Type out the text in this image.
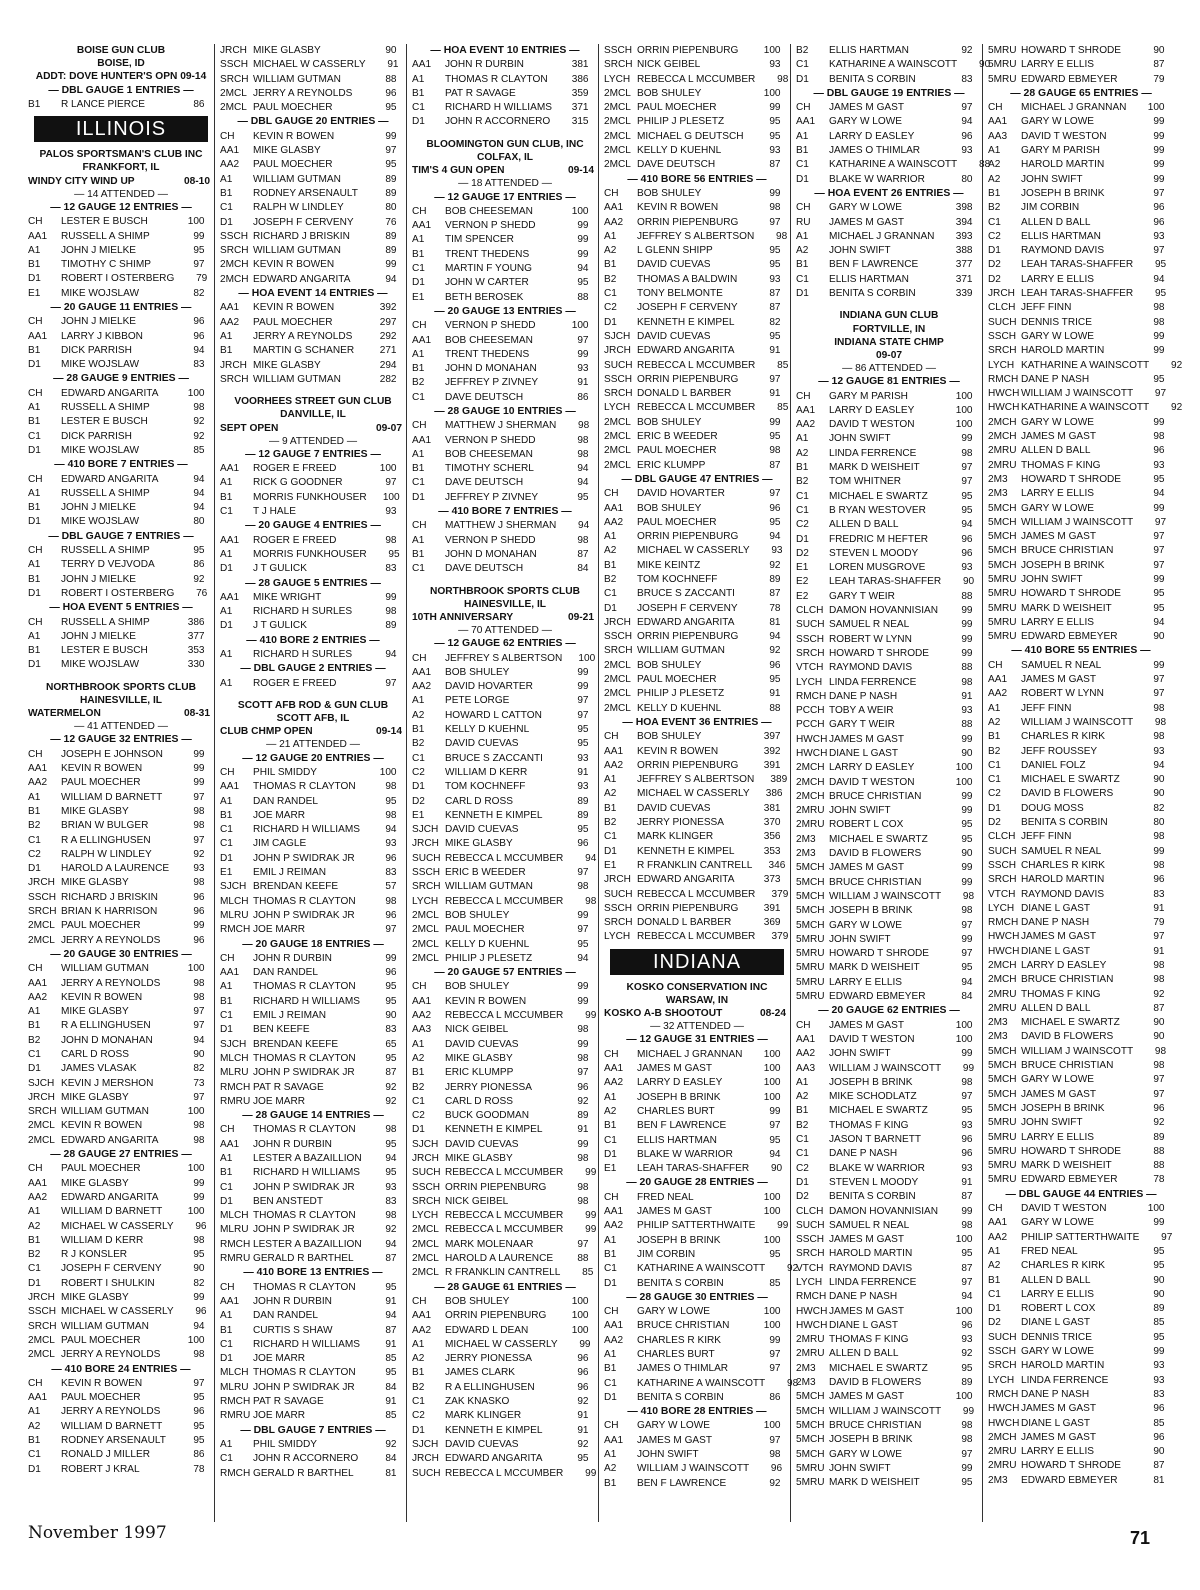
BOISE GUN CLUB
BOISE, ID
ADDT: DOVE HUNTER'S OPN 09-14
— DBL GAUGE 1 ENTRIES —
B1	R LANCE PIERCE	86
ILLINOIS
PALOS SPORTSMAN'S CLUB INC
FRANKFORT, IL
WINDY CITY WIND UP	08-10
— 14 ATTENDED —
— 12 GAUGE 12 ENTRIES —
CH	LESTER E BUSCH	100
AA1	RUSSELL A SHIMP	99
A1	JOHN J MIELKE	95
B1	TIMOTHY C SHIMP	97
D1	ROBERT I OSTERBERG	79
E1	MIKE WOJSLAW	82
— 20 GAUGE 11 ENTRIES —
CH	JOHN J MIELKE	96
AA1	LARRY J KIBBON	96
B1	DICK PARRISH	94
D1	MIKE WOJSLAW	83
— 28 GAUGE 9 ENTRIES —
CH	EDWARD ANGARITA	100
A1	RUSSELL A SHIMP	98
B1	LESTER E BUSCH	92
C1	DICK PARRISH	92
D1	MIKE WOJSLAW	85
— 410 BORE 7 ENTRIES —
CH	EDWARD ANGARITA	94
A1	RUSSELL A SHIMP	94
B1	JOHN J MIELKE	94
D1	MIKE WOJSLAW	80
— DBL GAUGE 7 ENTRIES —
CH	RUSSELL A SHIMP	95
A1	TERRY D VEJVODA	86
B1	JOHN J MIELKE	92
D1	ROBERT I OSTERBERG	76
— HOA EVENT 5 ENTRIES —
CH	RUSSELL A SHIMP	386
A1	JOHN J MIELKE	377
B1	LESTER E BUSCH	353
D1	MIKE WOJSLAW	330
NORTHBROOK SPORTS CLUB
HAINESVILLE, IL
WATERMELON	08-31
— 41 ATTENDED —
— 12 GAUGE 32 ENTRIES —
CH	JOSEPH E JOHNSON	99
AA1	KEVIN R BOWEN	99
AA2	PAUL MOECHER	99
A1	WILLIAM D BARNETT	97
B1	MIKE GLASBY	98
B2	BRIAN W BULGER	98
C1	R A ELLINGHUSEN	97
C2	RALPH W LINDLEY	92
D1	HAROLD A LAURENCE	93
JRCH MIKE GLASBY	98
SSCH RICHARD J BRISKIN	96
SRCH BRIAN K HARRISON	96
2MCL PAUL MOECHER	99
2MCL JERRY A REYNOLDS	96
— 20 GAUGE 30 ENTRIES —
CH	WILLIAM GUTMAN	100
AA1	JERRY A REYNOLDS	98
AA2	KEVIN R BOWEN	98
A1	MIKE GLASBY	97
B1	R A ELLINGHUSEN	97
B2	JOHN D MONAHAN	94
C1	CARL D ROSS	90
D1	JAMES VLASAK	82
SJCH KEVIN J MERSHON	73
JRCH MIKE GLASBY	97
SRCH WILLIAM GUTMAN	100
2MCL KEVIN R BOWEN	98
2MCL EDWARD ANGARITA	98
— 28 GAUGE 27 ENTRIES —
CH	PAUL MOECHER	100
AA1	MIKE GLASBY	99
AA2	EDWARD ANGARITA	99
A1	WILLIAM D BARNETT	100
A2	MICHAEL W CASSERLY	96
B1	WILLIAM D KERR	98
B2	R J KONSLER	95
C1	JOSEPH F CERVENY	90
D1	ROBERT I SHULKIN	82
JRCH MIKE GLASBY	99
SSCH MICHAEL W CASSERLY	96
SRCH WILLIAM GUTMAN	94
2MCL PAUL MOECHER	100
2MCL JERRY A REYNOLDS	98
— 410 BORE 24 ENTRIES —
CH	KEVIN R BOWEN	97
AA1	PAUL MOECHER	95
A1	JERRY A REYNOLDS	96
A2	WILLIAM D BARNETT	95
B1	RODNEY ARSENAULT	95
C1	RONALD J MILLER	86
D1	ROBERT J KRAL	78
JRCH MIKE GLASBY	90
SSCH MICHAEL W CASSERLY	91
SRCH WILLIAM GUTMAN	88
2MCL JERRY A REYNOLDS	96
2MCL PAUL MOECHER	95
— DBL GAUGE 20 ENTRIES —
CH	KEVIN R BOWEN	99
AA1	MIKE GLASBY	97
AA2	PAUL MOECHER	95
A1	WILLIAM GUTMAN	89
B1	RODNEY ARSENAULT	89
C1	RALPH W LINDLEY	80
D1	JOSEPH F CERVENY	76
SSCH RICHARD J BRISKIN	89
SRCH WILLIAM GUTMAN	89
2MCH KEVIN R BOWEN	99
2MCH EDWARD ANGARITA	94
— HOA EVENT 14 ENTRIES —
AA1	KEVIN R BOWEN	392
AA2	PAUL MOECHER	297
A1	JERRY A REYNOLDS	292
B1	MARTIN G SCHANER	271
JRCH MIKE GLASBY	294
SRCH WILLIAM GUTMAN	282
VOORHEES STREET GUN CLUB
DANVILLE, IL
SEPT OPEN	09-07
— 9 ATTENDED —
— 12 GAUGE 7 ENTRIES —
AA1	ROGER E FREED	100
A1	RICK G GOODNER	97
B1	MORRIS FUNKHOUSER	100
C1	T J HALE	93
— 20 GAUGE 4 ENTRIES —
AA1	ROGER E FREED	98
A1	MORRIS FUNKHOUSER	95
D1	J T GULICK	83
— 28 GAUGE 5 ENTRIES —
AA1	MIKE WRIGHT	99
A1	RICHARD H SURLES	98
D1	J T GULICK	89
— 410 BORE 2 ENTRIES —
A1	RICHARD H SURLES	94
— DBL GAUGE 2 ENTRIES —
A1	ROGER E FREED	97
SCOTT AFB ROD & GUN CLUB
SCOTT AFB, IL
CLUB CHMP OPEN	09-14
— 21 ATTENDED —
— 12 GAUGE 20 ENTRIES —
CH	PHIL SMIDDY	100
AA1	THOMAS R CLAYTON	98
A1	DAN RANDEL	95
B1	JOE MARR	98
C1	RICHARD H WILLIAMS	94
C1	JIM CAGLE	93
D1	JOHN P SWIDRAK JR	96
E1	EMIL J REIMAN	83
SJCH BRENDAN KEEFE	57
MLCH THOMAS R CLAYTON	98
MLRU JOHN P SWIDRAK JR	96
RMCH JOE MARR	97
— 20 GAUGE 18 ENTRIES —
CH	JOHN R DURBIN	99
AA1	DAN RANDEL	96
A1	THOMAS R CLAYTON	95
B1	RICHARD H WILLIAMS	95
C1	EMIL J REIMAN	90
D1	BEN KEEFE	83
SJCH BRENDAN KEEFE	65
MLCH THOMAS R CLAYTON	95
MLRU JOHN P SWIDRAK JR	87
RMCH PAT R SAVAGE	92
RMRU JOE MARR	92
— 28 GAUGE 14 ENTRIES —
CH	THOMAS R CLAYTON	98
AA1	JOHN R DURBIN	95
A1	LESTER A BAZAILLION	94
B1	RICHARD H WILLIAMS	95
C1	JOHN P SWIDRAK JR	93
D1	BEN ANSTEDT	83
MLCH THOMAS R CLAYTON	98
MLRU JOHN P SWIDRAK JR	92
RMCH LESTER A BAZAILLION	94
RMRU GERALD R BARTHEL	87
— 410 BORE 13 ENTRIES —
CH	THOMAS R CLAYTON	95
AA1	JOHN R DURBIN	91
A1	DAN RANDEL	94
B1	CURTIS S SHAW	87
C1	RICHARD H WILLIAMS	91
D1	JOE MARR	85
MLCH THOMAS R CLAYTON	95
MLRU JOHN P SWIDRAK JR	84
RMCH PAT R SAVAGE	91
RMRU JOE MARR	85
— DBL GAUGE 7 ENTRIES —
A1	PHIL SMIDDY	92
C1	JOHN R ACCORNERO	84
RMCH GERALD R BARTHEL	81
— HOA EVENT 10 ENTRIES —
AA1	JOHN R DURBIN	381
A1	THOMAS R CLAYTON	386
B1	PAT R SAVAGE	359
C1	RICHARD H WILLIAMS	371
D1	JOHN R ACCORNERO	315
BLOOMINGTON GUN CLUB, INC
COLFAX, IL
TIM'S 4 GUN OPEN	09-14
— 18 ATTENDED —
— 12 GAUGE 17 ENTRIES —
CH	BOB CHEESEMAN	100
AA1	VERNON P SHEDD	99
A1	TIM SPENCER	99
B1	TRENT THEDENS	99
C1	MARTIN F YOUNG	94
D1	JOHN W CARTER	95
E1	BETH BEROSEK	88
— 20 GAUGE 13 ENTRIES —
CH	VERNON P SHEDD	100
AA1	BOB CHEESEMAN	97
A1	TRENT THEDENS	99
B1	JOHN D MONAHAN	93
B2	JEFFREY P ZIVNEY	91
C1	DAVE DEUTSCH	86
— 28 GAUGE 10 ENTRIES —
CH	MATTHEW J SHERMAN	98
AA1	VERNON P SHEDD	98
A1	BOB CHEESEMAN	98
B1	TIMOTHY SCHERL	94
C1	DAVE DEUTSCH	94
D1	JEFFREY P ZIVNEY	95
— 410 BORE 7 ENTRIES —
CH	MATTHEW J SHERMAN	94
A1	VERNON P SHEDD	98
B1	JOHN D MONAHAN	87
C1	DAVE DEUTSCH	84
NORTHBROOK SPORTS CLUB
HAINESVILLE, IL
10TH ANNIVERSARY	09-21
— 70 ATTENDED —
— 12 GAUGE 62 ENTRIES —
CH	JEFFREY S ALBERTSON	100
AA1	BOB SHULEY	99
AA2	DAVID HOVARTER	99
A1	PETE LORGE	97
A2	HOWARD L CATTON	97
B1	KELLY D KUEHNL	95
B2	DAVID CUEVAS	95
C1	BRUCE S ZACCANTI	93
C2	WILLIAM D KERR	91
D1	TOM KOCHNEFF	93
D2	CARL D ROSS	89
E1	KENNETH E KIMPEL	89
SJCH DAVID CUEVAS	95
JRCH MIKE GLASBY	96
SUCH REBECCA L MCCUMBER	94
SSCH ERIC B WEEDER	97
SRCH WILLIAM GUTMAN	98
LYCH REBECCA L MCCUMBER	98
2MCL BOB SHULEY	99
2MCL PAUL MOECHER	97
2MCL KELLY D KUEHNL	95
2MCL PHILIP J PLESETZ	94
— 20 GAUGE 57 ENTRIES —
CH	BOB SHULEY	99
AA1	KEVIN R BOWEN	99
AA2	REBECCA L MCCUMBER	99
AA3	NICK GEIBEL	98
A1	DAVID CUEVAS	99
A2	MIKE GLASBY	98
B1	ERIC KLUMPP	97
B2	JERRY PIONESSA	96
C1	CARL D ROSS	92
C2	BUCK GOODMAN	89
D1	KENNETH E KIMPEL	91
SJCH DAVID CUEVAS	99
JRCH MIKE GLASBY	98
SUCH REBECCA L MCCUMBER	99
SSCH ORRIN PIEPENBURG	98
SRCH NICK GEIBEL	98
LYCH REBECCA L MCCUMBER	99
2MCL REBECCA L MCCUMBER	99
2MCL MARK MOLENAAR	97
2MCL HAROLD A LAURENCE	88
2MCL R FRANKLIN CANTRELL	85
— 28 GAUGE 61 ENTRIES —
CH	BOB SHULEY	100
AA1	ORRIN PIEPENBURG	100
AA2	EDWARD L DEAN	100
A1	MICHAEL W CASSERLY	99
A2	JERRY PIONESSA	96
B1	JAMES CLARK	96
B2	R A ELLINGHUSEN	96
C1	ZAK KNASKO	92
C2	MARK KLINGER	91
D1	KENNETH E KIMPEL	91
SJCH DAVID CUEVAS	92
JRCH EDWARD ANGARITA	95
SUCH REBECCA L MCCUMBER	99
SSCH ORRIN PIEPENBURG	100
SRCH NICK GEIBEL	93
LYCH REBECCA L MCCUMBER	98
2MCL BOB SHULEY	100
2MCL PAUL MOECHER	99
2MCL PHILIP J PLESETZ	95
2MCL MICHAEL G DEUTSCH	95
2MCL KELLY D KUEHNL	93
2MCL DAVE DEUTSCH	87
— 410 BORE 56 ENTRIES —
CH	BOB SHULEY	99
AA1	KEVIN R BOWEN	98
AA2	ORRIN PIEPENBURG	97
A1	JEFFREY S ALBERTSON	98
A2	L GLENN SHIPP	95
B1	DAVID CUEVAS	95
B2	THOMAS A BALDWIN	93
C1	TONY BELMONTE	87
C2	JOSEPH F CERVENY	87
D1	KENNETH E KIMPEL	82
SJCH DAVID CUEVAS	95
JRCH EDWARD ANGARITA	91
SUCH REBECCA L MCCUMBER	85
SSCH ORRIN PIEPENBURG	97
SRCH DONALD L BARBER	91
LYCH REBECCA L MCCUMBER	85
2MCL BOB SHULEY	99
2MCL ERIC B WEEDER	95
2MCL PAUL MOECHER	98
2MCL ERIC KLUMPP	87
— DBL GAUGE 47 ENTRIES —
CH	DAVID HOVARTER	97
AA1	BOB SHULEY	96
AA2	PAUL MOECHER	95
A1	ORRIN PIEPENBURG	94
A2	MICHAEL W CASSERLY	93
B1	MIKE KEINTZ	92
B2	TOM KOCHNEFF	89
C1	BRUCE S ZACCANTI	87
D1	JOSEPH F CERVENY	78
JRCH EDWARD ANGARITA	81
SSCH ORRIN PIEPENBURG	94
SRCH WILLIAM GUTMAN	92
2MCL BOB SHULEY	96
2MCL PAUL MOECHER	95
2MCL PHILIP J PLESETZ	91
2MCL KELLY D KUEHNL	88
— HOA EVENT 36 ENTRIES —
CH	BOB SHULEY	397
AA1	KEVIN R BOWEN	392
AA2	ORRIN PIEPENBURG	391
A1	JEFFREY S ALBERTSON	389
A2	MICHAEL W CASSERLY	386
B1	DAVID CUEVAS	381
B2	JERRY PIONESSA	370
C1	MARK KLINGER	356
D1	KENNETH E KIMPEL	353
E1	R FRANKLIN CANTRELL	346
JRCH EDWARD ANGARITA	373
SUCH REBECCA L MCCUMBER	379
SSCH ORRIN PIEPENBURG	391
SRCH DONALD L BARBER	369
LYCH REBECCA L MCCUMBER	379
INDIANA
KOSKO CONSERVATION INC
WARSAW, IN
KOSKO A-B SHOOTOUT	08-24
— 32 ATTENDED —
— 12 GAUGE 31 ENTRIES —
CH	MICHAEL J GRANNAN	100
AA1	JAMES M GAST	100
AA2	LARRY D EASLEY	100
A1	JOSEPH B BRINK	100
A2	CHARLES BURT	99
B1	BEN F LAWRENCE	97
C1	ELLIS HARTMAN	95
D1	BLAKE W WARRIOR	94
E1	LEAH TARAS-SHAFFER	90
— 20 GAUGE 28 ENTRIES —
CH	FRED NEAL	100
AA1	JAMES M GAST	100
AA2	PHILIP SATTERTHWAITE	99
A1	JOSEPH B BRINK	100
B1	JIM CORBIN	95
C1	KATHARINE A WAINSCOTT	92
D1	BENITA S CORBIN	85
— 28 GAUGE 30 ENTRIES —
CH	GARY W LOWE	100
AA1	BRUCE CHRISTIAN	100
AA2	CHARLES R KIRK	99
A1	CHARLES BURT	97
B1	JAMES O THIMLAR	97
C1	KATHARINE A WAINSCOTT	98
D1	BENITA S CORBIN	86
— 410 BORE 28 ENTRIES —
CH	GARY W LOWE	100
AA1	JAMES M GAST	97
A1	JOHN SWIFT	98
A2	WILLIAM J WAINSCOTT	96
B1	BEN F LAWRENCE	92
B2	ELLIS HARTMAN	92
C1	KATHARINE A WAINSCOTT	90
D1	BENITA S CORBIN	83
— DBL GAUGE 19 ENTRIES —
CH	JAMES M GAST	97
AA1	GARY W LOWE	94
A1	LARRY D EASLEY	96
B1	JAMES O THIMLAR	93
C1	KATHARINE A WAINSCOTT	88
D1	BLAKE W WARRIOR	80
— HOA EVENT 26 ENTRIES —
CH	GARY W LOWE	398
RU	JAMES M GAST	394
A1	MICHAEL J GRANNAN	393
A2	JOHN SWIFT	388
B1	BEN F LAWRENCE	377
C1	ELLIS HARTMAN	371
D1	BENITA S CORBIN	339
INDIANA GUN CLUB
FORTVILLE, IN
INDIANA STATE CHMP
09-07
— 86 ATTENDED —
— 12 GAUGE 81 ENTRIES —
CH	GARY M PARISH	100
AA1	LARRY D EASLEY	100
AA2	DAVID T WESTON	100
A1	JOHN SWIFT	99
A2	LINDA FERRENCE	98
B1	MARK D WEISHEIT	97
B2	TOM WHITNER	97
C1	MICHAEL E SWARTZ	95
C1	B RYAN WESTOVER	95
C2	ALLEN D BALL	94
D1	FREDRIC M HEFTER	96
D2	STEVEN L MOODY	96
E1	LOREN MUSGROVE	93
E2	LEAH TARAS-SHAFFER	90
E2	GARY T WEIR	88
CLCH DAMON HOVANNISIAN	99
SUCH SAMUEL R NEAL	99
SSCH ROBERT W LYNN	99
SRCH HOWARD T SHRODE	99
VTCH RAYMOND DAVIS	88
LYCH LINDA FERRENCE	98
RMCH DANE P NASH	91
PCCH TOBY A WEIR	93
PCCH GARY T WEIR	88
HWCH JAMES M GAST	99
HWCH DIANE L GAST	90
2MCH LARRY D EASLEY	100
2MCH DAVID T WESTON	100
2MCH BRUCE CHRISTIAN	99
2MRU JOHN SWIFT	99
2MRU ROBERT L COX	95
2M3	MICHAEL E SWARTZ	95
2M3	DAVID B FLOWERS	90
5MCH JAMES M GAST	99
5MCH BRUCE CHRISTIAN	99
5MCH WILLIAM J WAINSCOTT	98
5MCH JOSEPH B BRINK	98
5MCH GARY W LOWE	97
5MRU JOHN SWIFT	99
5MRU HOWARD T SHRODE	97
5MRU MARK D WEISHEIT	95
5MRU LARRY E ELLIS	94
5MRU EDWARD EBMEYER	84
— 20 GAUGE 62 ENTRIES —
CH	JAMES M GAST	100
AA1	DAVID T WESTON	100
AA2	JOHN SWIFT	99
AA3	WILLIAM J WAINSCOTT	99
A1	JOSEPH B BRINK	98
A2	MIKE SCHODLATZ	97
B1	MICHAEL E SWARTZ	95
B2	THOMAS F KING	93
C1	JASON T BARNETT	96
C1	DANE P NASH	96
C2	BLAKE W WARRIOR	93
D1	STEVEN L MOODY	91
D2	BENITA S CORBIN	87
CLCH DAMON HOVANNISIAN	99
SUCH SAMUEL R NEAL	98
SSCH JAMES M GAST	100
SRCH HAROLD MARTIN	95
VTCH RAYMOND DAVIS	87
LYCH LINDA FERRENCE	97
RMCH DANE P NASH	94
HWCH JAMES M GAST	100
HWCH DIANE L GAST	96
2MRU THOMAS F KING	93
2MRU ALLEN D BALL	92
2M3	MICHAEL E SWARTZ	95
2M3	DAVID B FLOWERS	89
5MCH JAMES M GAST	100
5MCH WILLIAM J WAINSCOTT	99
5MCH BRUCE CHRISTIAN	98
5MCH JOSEPH B BRINK	98
5MCH GARY W LOWE	97
5MRU JOHN SWIFT	99
5MRU MARK D WEISHEIT	95
5MRU HOWARD T SHRODE	90
5MRU LARRY E ELLIS	87
5MRU EDWARD EBMEYER	79
— 28 GAUGE 65 ENTRIES —
CH	MICHAEL J GRANNAN	100
AA1	GARY W LOWE	99
AA3	DAVID T WESTON	99
A1	GARY M PARISH	99
A2	HAROLD MARTIN	99
A2	JOHN SWIFT	99
B1	JOSEPH B BRINK	97
B2	JIM CORBIN	96
C1	ALLEN D BALL	96
C2	ELLIS HARTMAN	93
D1	RAYMOND DAVIS	97
D2	LEAH TARAS-SHAFFER	95
D2	LARRY E ELLIS	94
JRCH LEAH TARAS-SHAFFER	95
CLCH JEFF FINN	98
SUCH DENNIS TRICE	98
SSCH GARY W LOWE	99
SRCH HAROLD MARTIN	99
LYCH KATHARINE A WAINSCOTT	92
RMCH DANE P NASH	95
HWCH WILLIAM J WAINSCOTT	97
HWCH KATHARINE A WAINSCOTT	92
2MCH GARY W LOWE	99
2MCH JAMES M GAST	98
2MRU ALLEN D BALL	96
2MRU THOMAS F KING	93
2M3	HOWARD T SHRODE	95
2M3	LARRY E ELLIS	94
5MCH GARY W LOWE	99
5MCH WILLIAM J WAINSCOTT	97
5MCH JAMES M GAST	97
5MCH BRUCE CHRISTIAN	97
5MCH JOSEPH B BRINK	97
5MRU JOHN SWIFT	99
5MRU HOWARD T SHRODE	95
5MRU MARK D WEISHEIT	95
5MRU LARRY E ELLIS	94
5MRU EDWARD EBMEYER	90
— 410 BORE 55 ENTRIES —
CH	SAMUEL R NEAL	99
AA1	JAMES M GAST	97
AA2	ROBERT W LYNN	97
A1	JEFF FINN	98
A2	WILLIAM J WAINSCOTT	98
B1	CHARLES R KIRK	98
B2	JEFF ROUSSEY	93
C1	DANIEL FOLZ	94
C1	MICHAEL E SWARTZ	90
C2	DAVID B FLOWERS	90
D1	DOUG MOSS	82
D2	BENITA S CORBIN	80
CLCH JEFF FINN	98
SUCH SAMUEL R NEAL	99
SSCH CHARLES R KIRK	98
SRCH HAROLD MARTIN	96
VTCH RAYMOND DAVIS	83
LYCH DIANE L GAST	91
RMCH DANE P NASH	79
HWCH JAMES M GAST	97
HWCH DIANE L GAST	91
2MCH LARRY D EASLEY	98
2MCH BRUCE CHRISTIAN	98
2MRU THOMAS F KING	92
2MRU ALLEN D BALL	87
2M3	MICHAEL E SWARTZ	90
2M3	DAVID B FLOWERS	90
5MCH WILLIAM J WAINSCOTT	98
5MCH BRUCE CHRISTIAN	98
5MCH GARY W LOWE	97
5MCH JAMES M GAST	97
5MCH JOSEPH B BRINK	96
5MRU JOHN SWIFT	92
5MRU LARRY E ELLIS	89
5MRU HOWARD T SHRODE	88
5MRU MARK D WEISHEIT	88
5MRU EDWARD EBMEYER	78
— DBL GAUGE 44 ENTRIES —
CH	DAVID T WESTON	100
AA1	GARY W LOWE	99
AA2	PHILIP SATTERTHWAITE	97
A1	FRED NEAL	95
A2	CHARLES R KIRK	95
B1	ALLEN D BALL	90
C1	LARRY E ELLIS	90
D1	ROBERT L COX	89
D2	DIANE L GAST	85
SUCH DENNIS TRICE	95
SSCH GARY W LOWE	99
SRCH HAROLD MARTIN	93
LYCH LINDA FERRENCE	93
RMCH DANE P NASH	83
HWCH JAMES M GAST	96
HWCH DIANE L GAST	85
2MCH JAMES M GAST	96
2MRU LARRY E ELLIS	90
2MRU HOWARD T SHRODE	87
2M3	EDWARD EBMEYER	81
November 1997	71
